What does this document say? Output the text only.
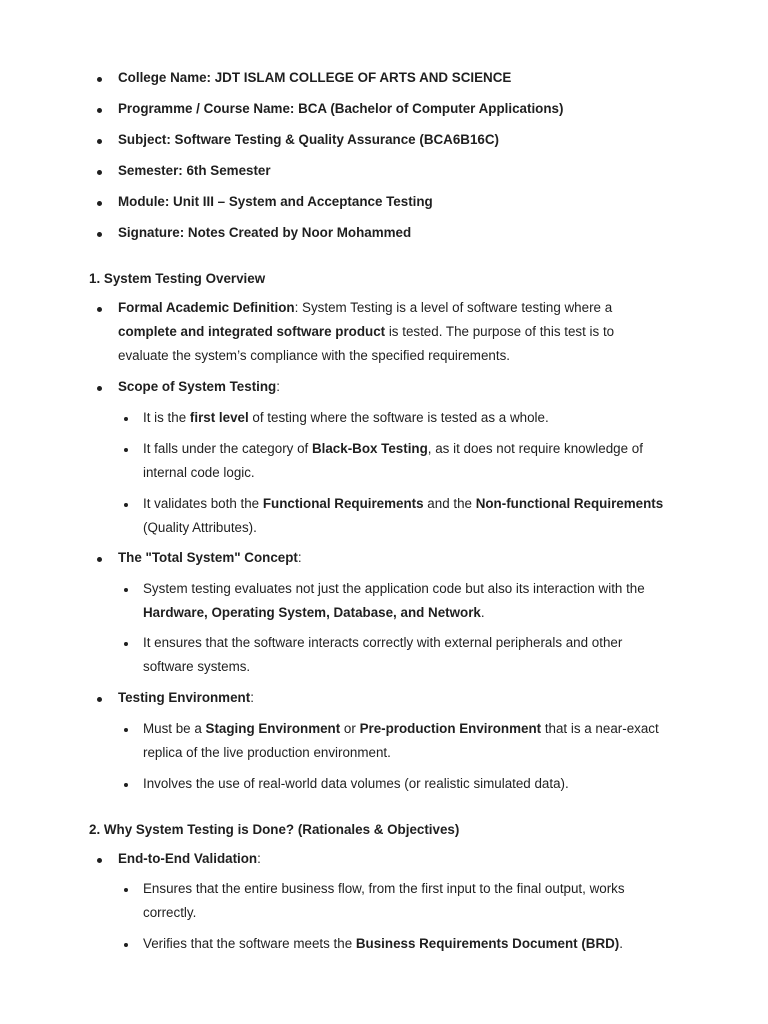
College Name: JDT ISLAM COLLEGE OF ARTS AND SCIENCE
Programme / Course Name: BCA (Bachelor of Computer Applications)
Subject: Software Testing & Quality Assurance (BCA6B16C)
Semester: 6th Semester
Module: Unit III – System and Acceptance Testing
Signature: Notes Created by Noor Mohammed
1. System Testing Overview
Formal Academic Definition: System Testing is a level of software testing where a
complete and integrated software product is tested. The purpose of this test is to
evaluate the system’s compliance with the specified requirements.
Scope of System Testing:
It is the first level of testing where the software is tested as a whole.
It falls under the category of Black-Box Testing, as it does not require knowledge of
internal code logic.
It validates both the Functional Requirements and the Non-functional Requirements
(Quality Attributes).
The "Total System" Concept:
System testing evaluates not just the application code but also its interaction with the
Hardware, Operating System, Database, and Network.
It ensures that the software interacts correctly with external peripherals and other
software systems.
Testing Environment:
Must be a Staging Environment or Pre-production Environment that is a near-exact
replica of the live production environment.
Involves the use of real-world data volumes (or realistic simulated data).
2. Why System Testing is Done? (Rationales & Objectives)
End-to-End Validation:
Ensures that the entire business flow, from the first input to the final output, works
correctly.
Verifies that the software meets the Business Requirements Document (BRD).
